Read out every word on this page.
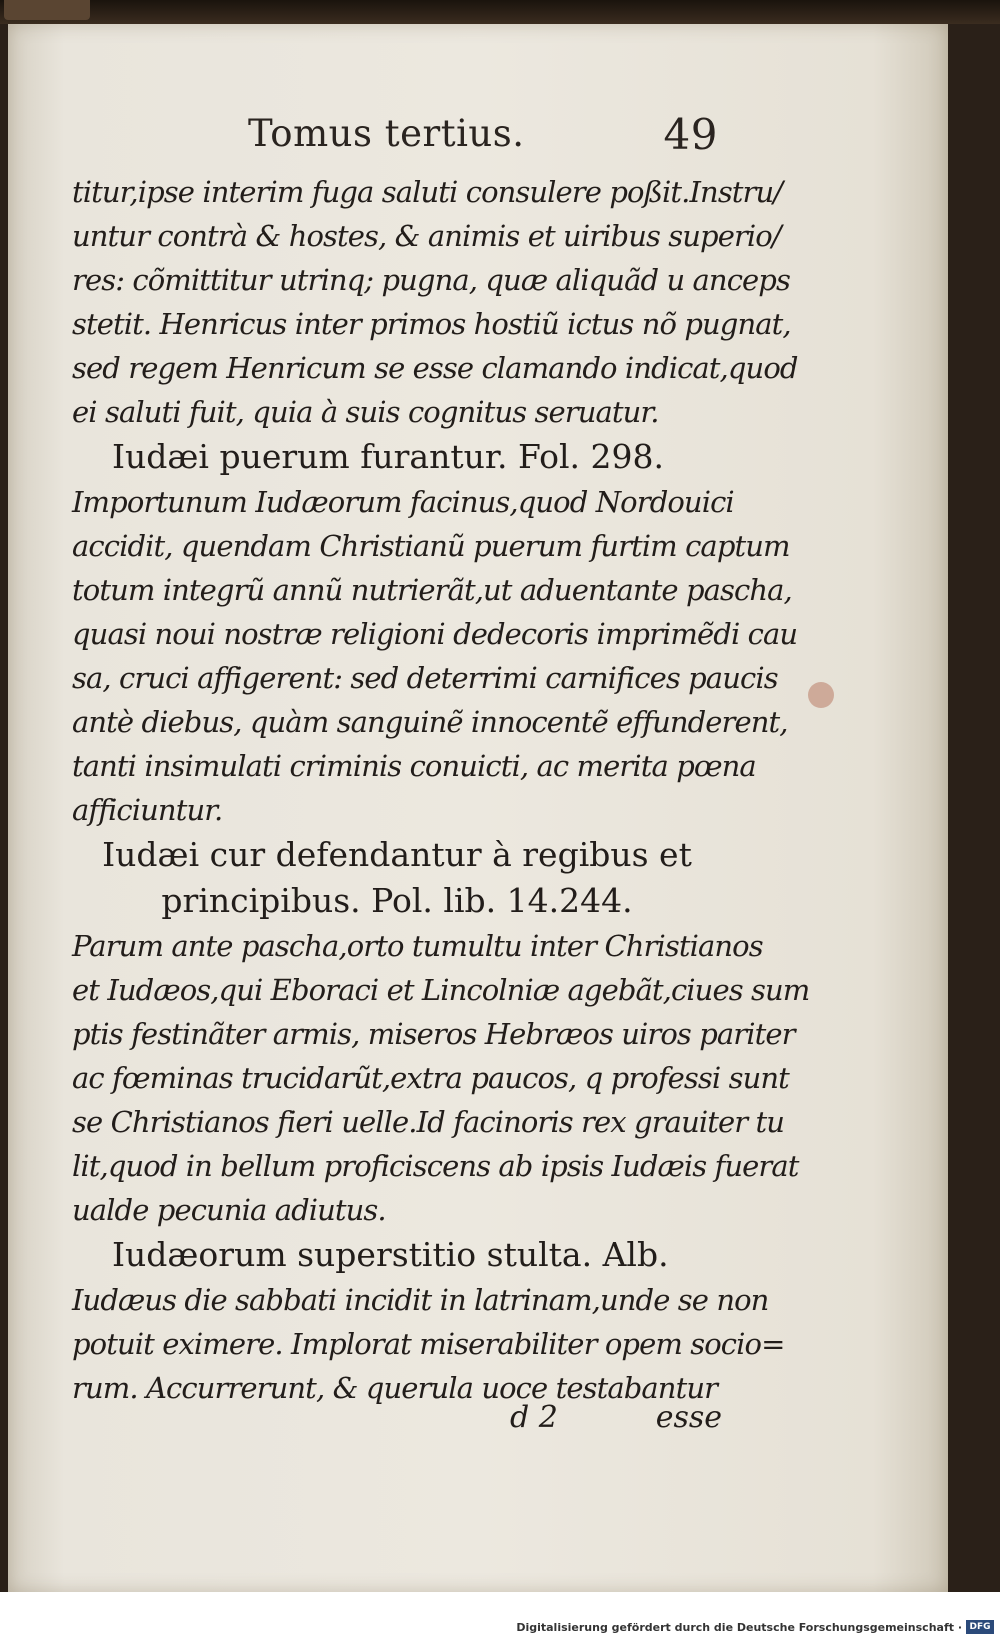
Tomus tertius.	49
titur,ipse interim fuga saluti consulere poßit.Instru/
untur contrà & hostes, & animis et uiribus superio/
res: cõmittitur utrinq; pugna, quæ aliquãd u anceps
stetit. Henricus inter primos hostiũ ictus nõ pugnat,
sed regem Henricum se esse clamando indicat,quod
ei saluti fuit, quia à suis cognitus seruatur.
Iudæi puerum furantur. Fol. 298.
Importunum Iudæorum facinus,quod Nordouici
accidit, quendam Christianũ puerum furtim captum
totum integrũ annũ nutrierãt,ut aduentante pascha,
quasi noui nostræ religioni dedecoris imprimẽdi cau
sa, cruci affigerent: sed deterrimi carnifices paucis
antè diebus, quàm sanguinẽ innocentẽ effunderent,
tanti insimulati criminis conuicti, ac merita pœna
afficiuntur.
Iudæi cur defendantur à regibus et
principibus. Pol. lib. 14.244.
Parum ante pascha,orto tumultu inter Christianos
et Iudæos,qui Eboraci et Lincolniæ agebãt,ciues sum
ptis festinãter armis, miseros Hebræos uiros pariter
ac fœminas trucidarũt,extra paucos, q professi sunt
se Christianos fieri uelle.Id facinoris rex grauiter tu
lit,quod in bellum proficiscens ab ipsis Iudæis fuerat
ualde pecunia adiutus.
Iudæorum superstitio stulta. Alb.
Iudæus die sabbati incidit in latrinam,unde se non
potuit eximere. Implorat miserabiliter opem socio=
rum. Accurrerunt, & querula uoce testabantur
d 2	esse
Digitalisierung gefördert durch die Deutsche Forschungsgemeinschaft · DFG
